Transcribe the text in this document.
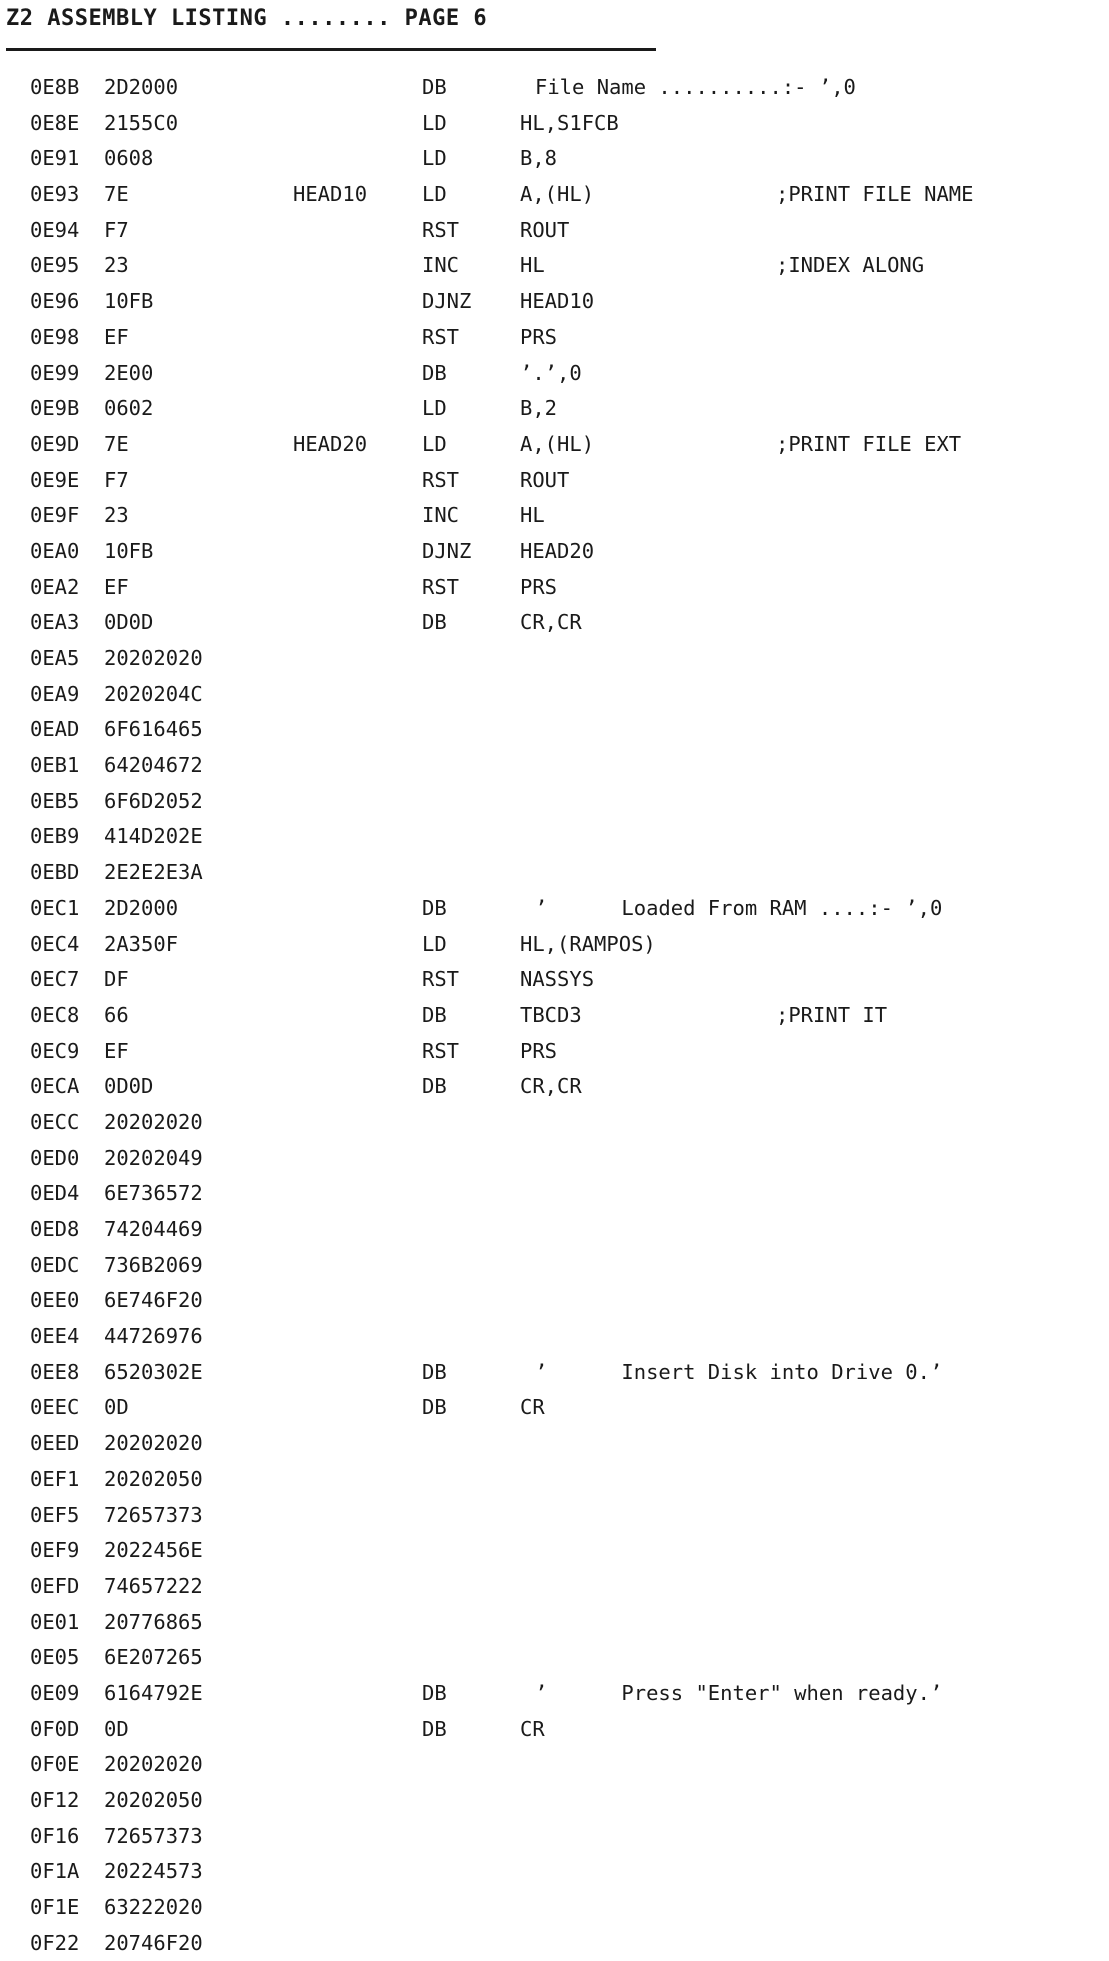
Z2 ASSEMBLY LISTING ........ PAGE 6
0E8B 2D2000	DB	File Name ..........:- ’,0
0E8E 2155C0	LD	HL,S1FCB
0E91 0608	LD	B,8
0E93 7E	HEAD10	LD	A,(HL)	;PRINT FILE NAME
0E94 F7	RST	ROUT
0E95 23	INC	HL	;INDEX ALONG
0E96 10FB	DJNZ HEAD10
0E98 EF	RST	PRS
0E99 2E00	DB	’.’,0
0E9B 0602	LD	B,2
0E9D 7E	HEAD20	LD	A,(HL)	;PRINT FILE EXT
0E9E F7	RST	ROUT
0E9F 23	INC	HL
0EA0 10FB	DJNZ HEAD20
0EA2 EF	RST	PRS
0EA3 0D0D	DB	CR,CR
0EA5 20202020
0EA9 2020204C
0EAD 6F616465
0EB1 64204672
0EB5 6F6D2052
0EB9 414D202E
0EBD 2E2E2E3A
0EC1 2D2000	DB	’      Loaded From RAM ....:- ’,0
0EC4 2A350F	LD	HL,(RAMPOS)
0EC7 DF	RST	NASSYS
0EC8 66	DB	TBCD3	;PRINT IT
0EC9 EF	RST	PRS
0ECA 0D0D	DB	CR,CR
0ECC 20202020
0ED0 20202049
0ED4 6E736572
0ED8 74204469
0EDC 736B2069
0EE0 6E746F20
0EE4 44726976
0EE8 6520302E	DB	’      Insert Disk into Drive 0.’
0EEC 0D	DB	CR
0EED 20202020
0EF1 20202050
0EF5 72657373
0EF9 2022456E
0EFD 74657222
0E01 20776865
0E05 6E207265
0E09 6164792E	DB	’      Press "Enter" when ready.’
0F0D 0D	DB	CR
0F0E 20202020
0F12 20202050
0F16 72657373
0F1A 20224573
0F1E 63222020
0F22 20746F20
